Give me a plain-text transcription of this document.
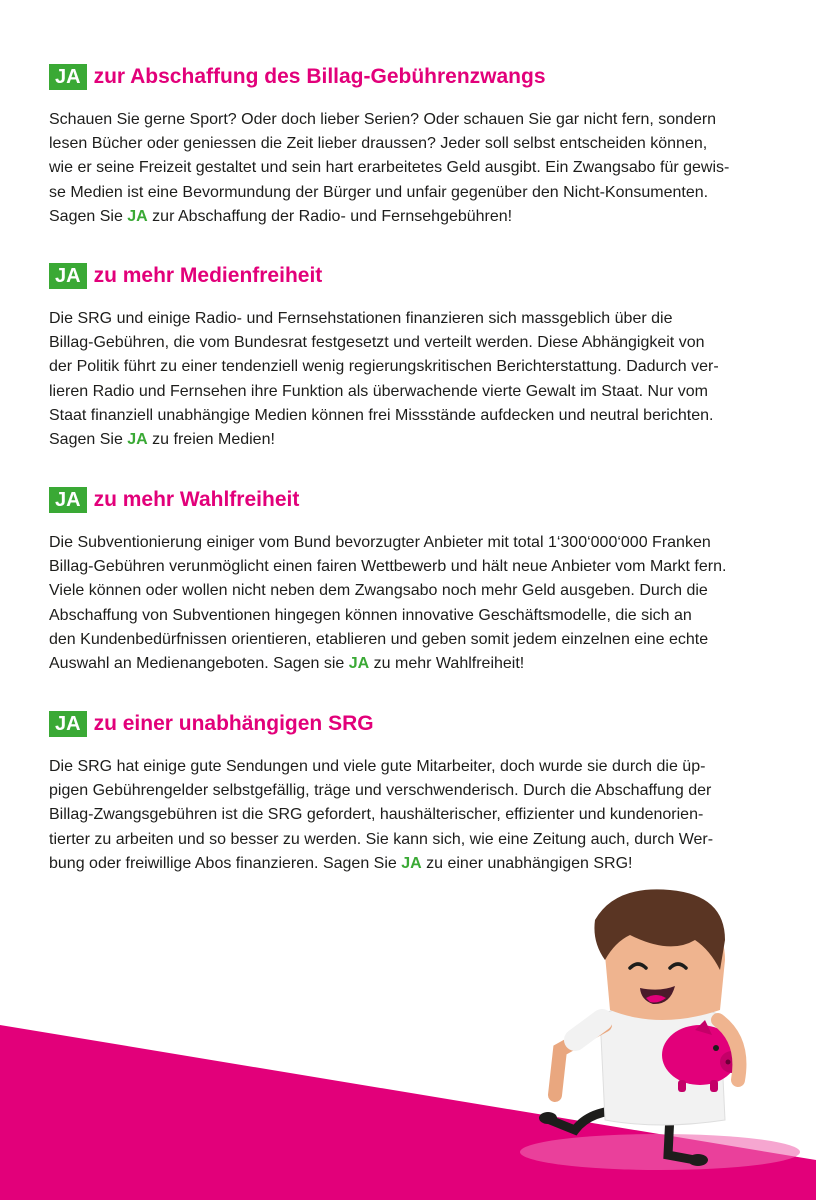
JA zur Abschaffung des Billag-Gebührenzwangs
Schauen Sie gerne Sport? Oder doch lieber Serien? Oder schauen Sie gar nicht fern, sondern
lesen Bücher oder geniessen die Zeit lieber draussen? Jeder soll selbst entscheiden können,
wie er seine Freizeit gestaltet und sein hart erarbeitetes Geld ausgibt. Ein Zwangsabo für gewis-
se Medien ist eine Bevormundung der Bürger und unfair gegenüber den Nicht-Konsumenten.
Sagen Sie JA zur Abschaffung der Radio- und Fernsehgebühren!
JA zu mehr Medienfreiheit
Die SRG und einige Radio- und Fernsehstationen finanzieren sich massgeblich über die
Billag-Gebühren, die vom Bundesrat festgesetzt und verteilt werden. Diese Abhängigkeit von
der Politik führt zu einer tendenziell wenig regierungskritischen Berichterstattung. Dadurch ver-
lieren Radio und Fernsehen ihre Funktion als überwachende vierte Gewalt im Staat. Nur vom
Staat finanziell unabhängige Medien können frei Missstände aufdecken und neutral berichten.
Sagen Sie JA zu freien Medien!
JA zu mehr Wahlfreiheit
Die Subventionierung einiger vom Bund bevorzugter Anbieter mit total 1‘300‘000‘000 Franken
Billag-Gebühren verunmöglicht einen fairen Wettbewerb und hält neue Anbieter vom Markt fern.
Viele können oder wollen nicht neben dem Zwangsabo noch mehr Geld ausgeben. Durch die
Abschaffung von Subventionen hingegen können innovative Geschäftsmodelle, die sich an
den Kundenbedürfnissen orientieren, etablieren und geben somit jedem einzelnen eine echte
Auswahl an Medienangeboten. Sagen sie JA zu mehr Wahlfreiheit!
JA zu einer unabhängigen SRG
Die SRG hat einige gute Sendungen und viele gute Mitarbeiter, doch wurde sie durch die üp-
pigen Gebührengelder selbstgefällig, träge und verschwenderisch. Durch die Abschaffung der
Billag-Zwangsgebühren ist die SRG gefordert, haushälterischer, effizienter und kundenorien-
tierter zu arbeiten und so besser zu werden. Sie kann sich, wie eine Zeitung auch, durch Wer-
bung oder freiwillige Abos finanzieren. Sagen Sie JA zu einer unabhängigen SRG!
